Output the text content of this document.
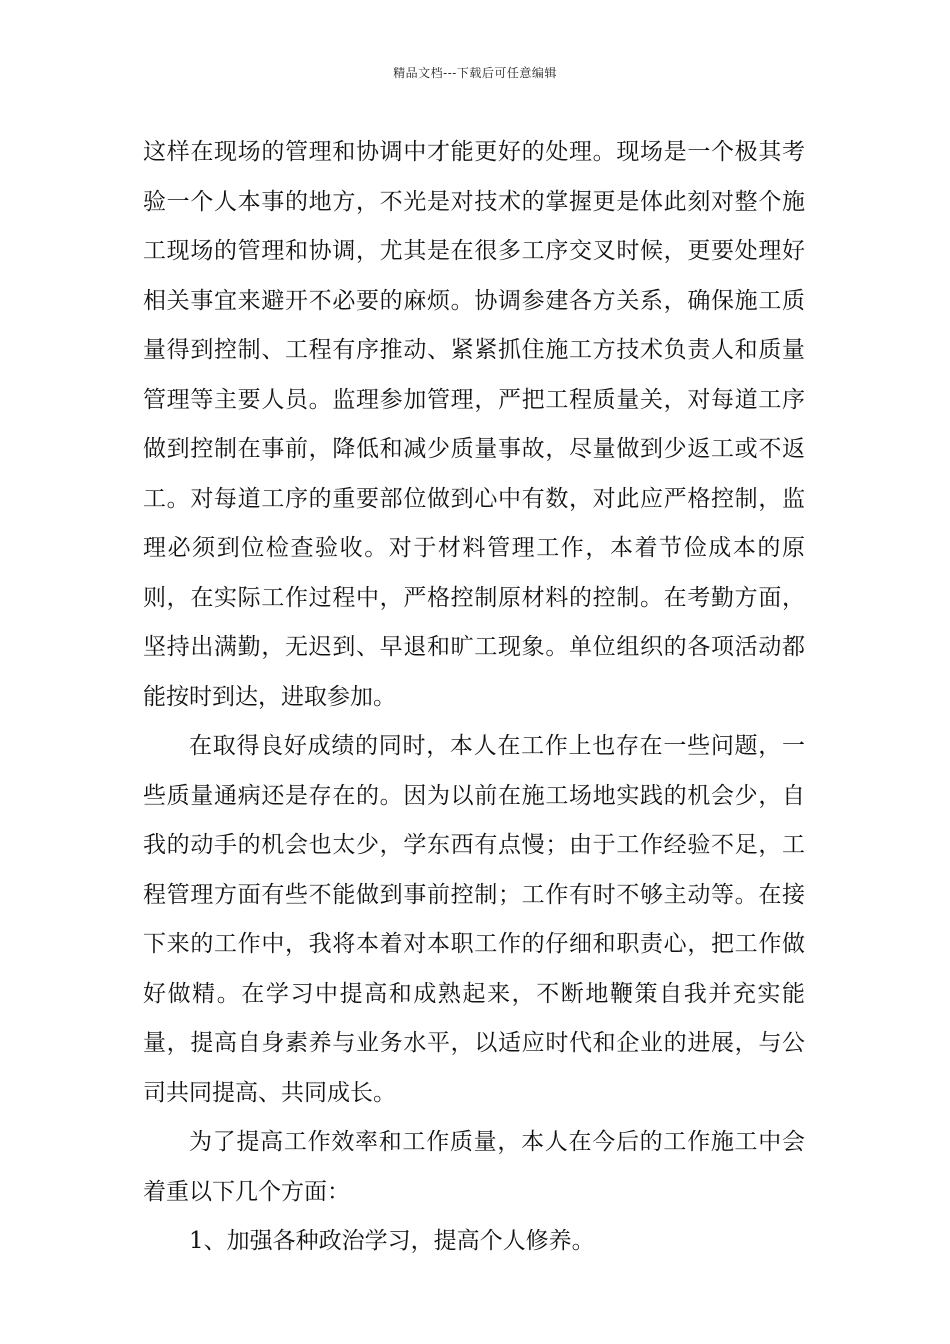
精品文档---下载后可任意编辑

这样在现场的管理和协调中才能更好的处理。现场是一个极其考验一个人本事的地方，不光是对技术的掌握更是体此刻对整个施工现场的管理和协调，尤其是在很多工序交叉时候，更要处理好相关事宜来避开不必要的麻烦。协调参建各方关系，确保施工质量得到控制、工程有序推动、紧紧抓住施工方技术负责人和质量管理等主要人员。监理参加管理，严把工程质量关，对每道工序做到控制在事前，降低和减少质量事故，尽量做到少返工或不返工。对每道工序的重要部位做到心中有数，对此应严格控制，监理必须到位检查验收。对于材料管理工作，本着节俭成本的原则，在实际工作过程中，严格控制原材料的控制。在考勤方面，坚持出满勤，无迟到、早退和旷工现象。单位组织的各项活动都能按时到达，进取参加。

在取得良好成绩的同时，本人在工作上也存在一些问题，一些质量通病还是存在的。因为以前在施工场地实践的机会少，自我的动手的机会也太少，学东西有点慢；由于工作经验不足，工程管理方面有些不能做到事前控制；工作有时不够主动等。在接下来的工作中，我将本着对本职工作的仔细和职责心，把工作做好做精。在学习中提高和成熟起来，不断地鞭策自我并充实能量，提高自身素养与业务水平，以适应时代和企业的进展，与公司共同提高、共同成长。

为了提高工作效率和工作质量，本人在今后的工作施工中会着重以下几个方面：

1、加强各种政治学习，提高个人修养。
